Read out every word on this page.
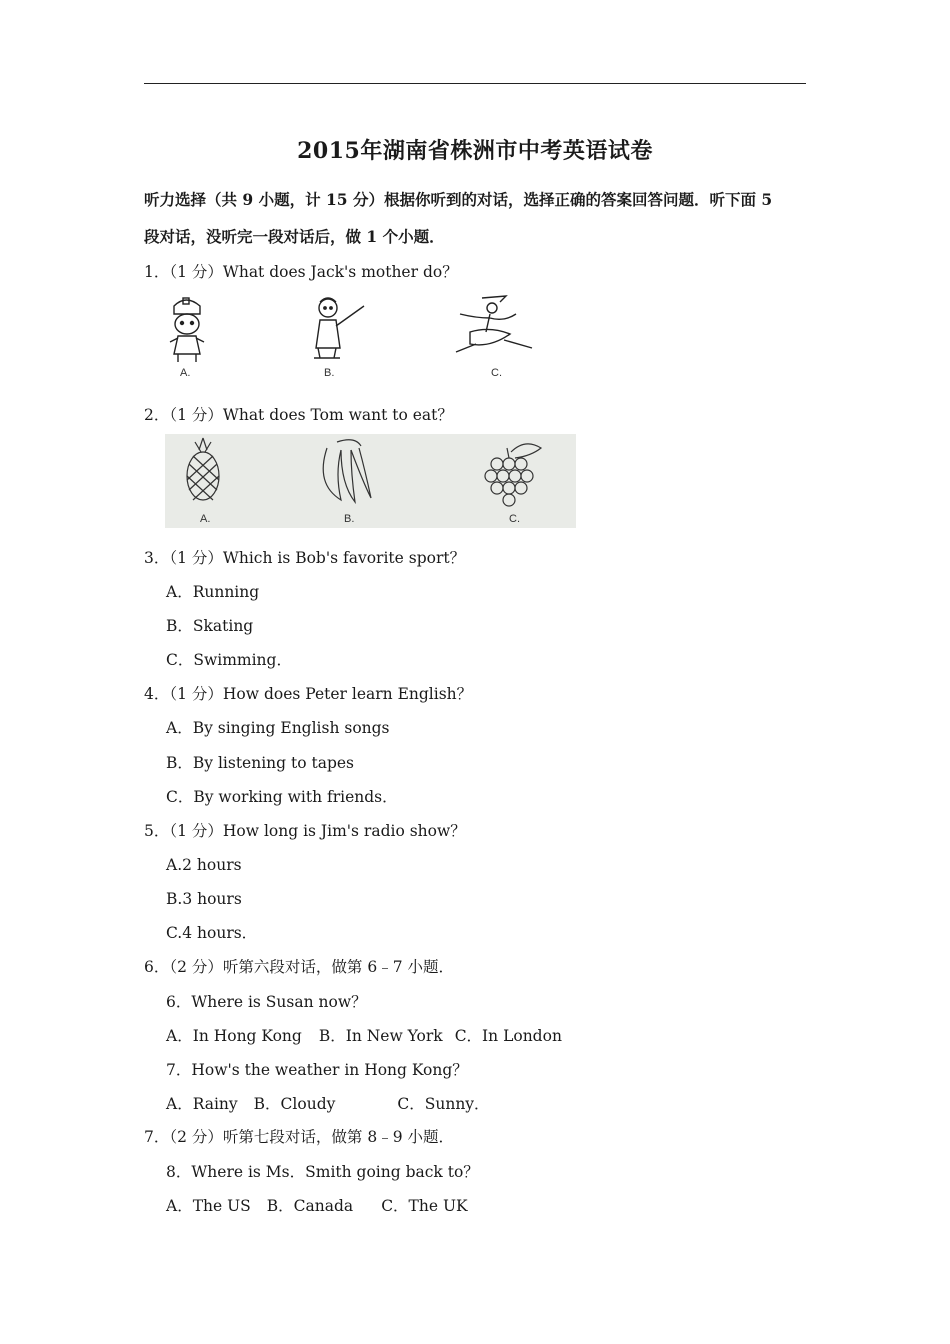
2015年湖南省株洲市中考英语试卷
听力选择（共 9 小题，计 15 分）根据你听到的对话，选择正确的答案回答问题．听下面 5
段对话，没听完一段对话后，做 1 个小题．
1．（1 分）What does Jack's mother do？
A.	B.	C.
2．（1 分）What does Tom want to eat？
A.	B.	C.
3．（1 分）Which is Bob's favorite sport？
A．Running
B．Skating
C．Swimming．
4．（1 分）How does Peter learn English？
A．By singing English songs
B．By listening to tapes
C．By working with friends．
5．（1 分）How long is Jim's radio show？
A.2 hours
B.3 hours
C.4 hours．
6．（2 分）听第六段对话，做第 6﹣7 小题．
6．Where is Susan now？
A．In Hong Kong B．In New York C．In London
7．How's the weather in Hong Kong？
A．Rainy B．Cloudy	C．Sunny．
7．（2 分）听第七段对话，做第 8﹣9 小题．
8．Where is Ms．Smith going back to？
A．The US B．Canada C．The UK
